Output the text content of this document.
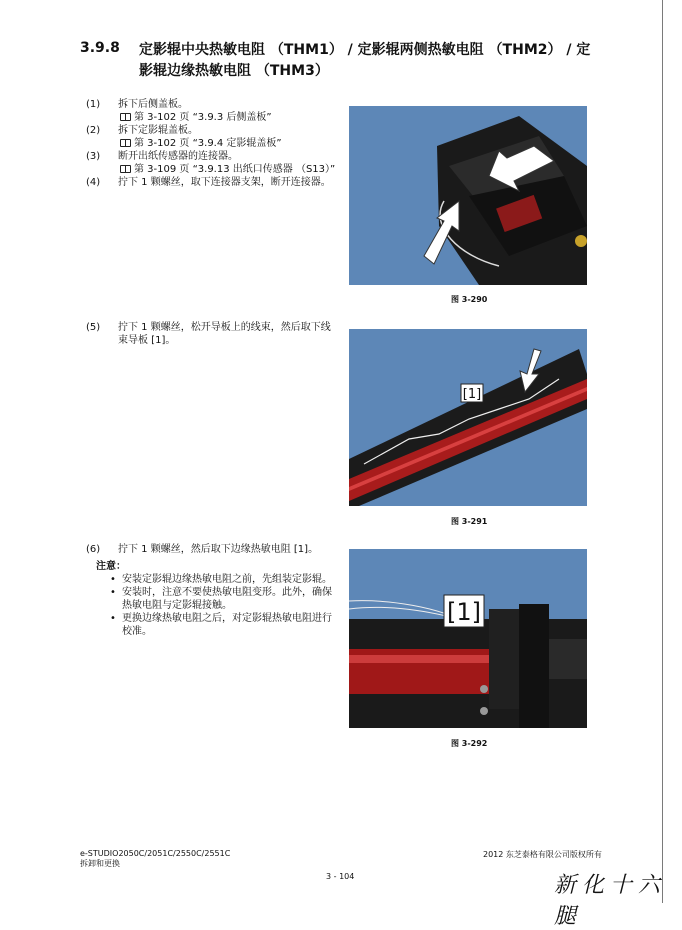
3.9.8 定影辊中央热敏电阻 （THM1） / 定影辊两侧热敏电阻 （THM2） / 定影辊边缘热敏电阻 （THM3）
(1) 拆下后侧盖板。
第 3-102 页 “3.9.3 后侧盖板”
(2) 拆下定影辊盖板。
第 3-102 页 “3.9.4 定影辊盖板”
(3) 断开出纸传感器的连接器。
第 3-109 页 “3.9.13 出纸口传感器 （S13）”
(4) 拧下 1 颗螺丝，取下连接器支架，断开连接器。
图 3-290
(5) 拧下 1 颗螺丝，松开导板上的线束，然后取下线束导板 [1]。
[1]
图 3-291
(6) 拧下 1 颗螺丝，然后取下边缘热敏电阻 [1]。
注意：
• 安装定影辊边缘热敏电阻之前，先组装定影辊。
• 安装时，注意不要使热敏电阻变形。此外，确保热敏电阻与定影辊接触。
• 更换边缘热敏电阻之后，对定影辊热敏电阻进行校准。
[1]
图 3-292
e-STUDIO2050C/2051C/2550C/2551C
拆卸和更换
2012 东芝泰格有限公司版权所有
3 - 104	新化十六腿
